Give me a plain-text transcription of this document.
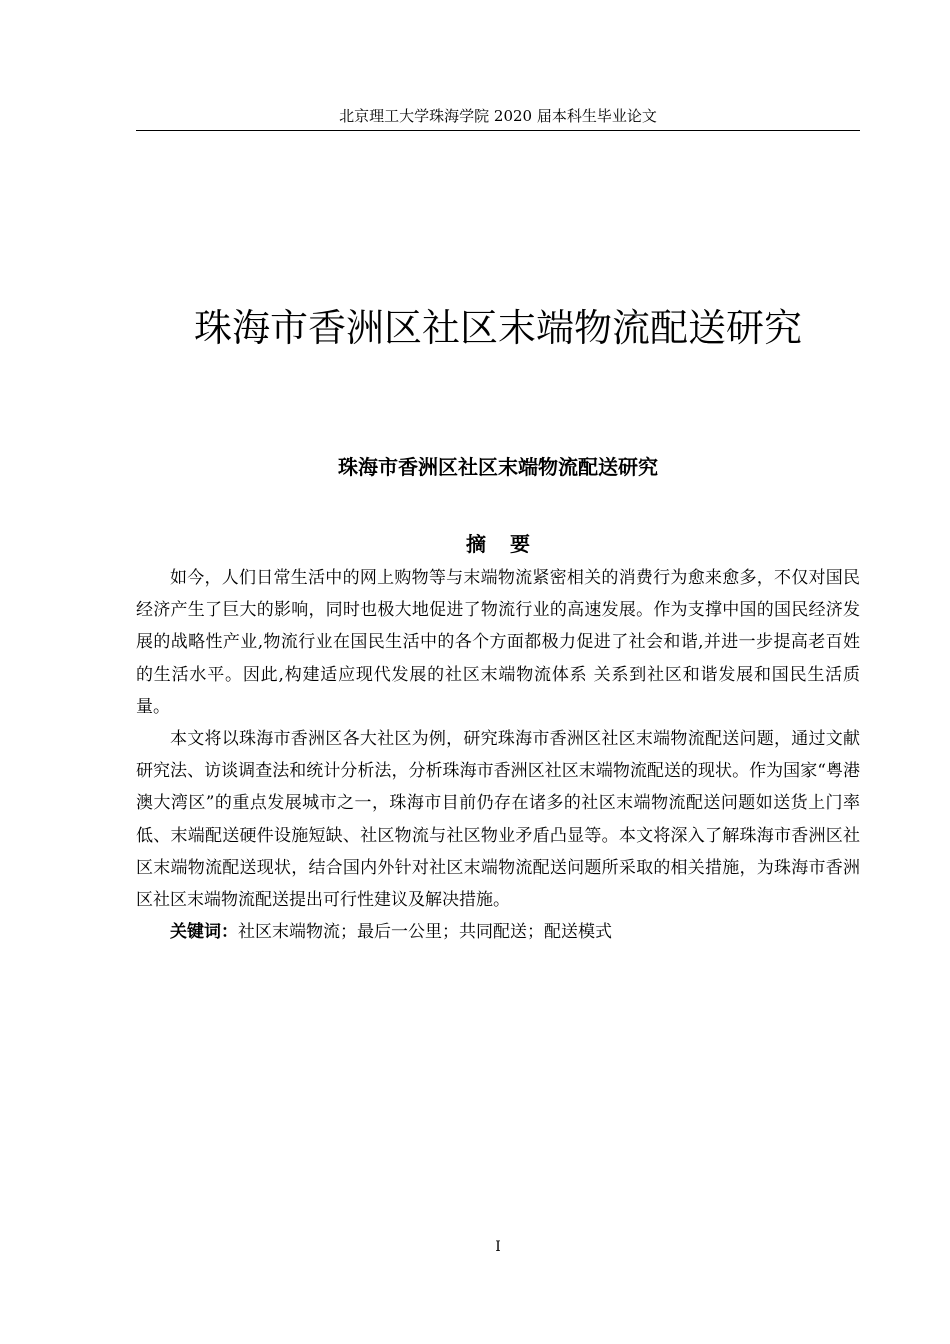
北京理工大学珠海学院 2020 届本科生毕业论文
珠海市香洲区社区末端物流配送研究
珠海市香洲区社区末端物流配送研究
摘要

如今，人们日常生活中的网上购物等与末端物流紧密相关的消费行为愈来愈多，不仅对国民经济产生了巨大的影响，同时也极大地促进了物流行业的高速发展。作为支撑中国的国民经济发展的战略性产业,物流行业在国民生活中的各个方面都极力促进了社会和谐,并进一步提高老百姓的生活水平。因此,构建适应现代发展的社区末端物流体系 关系到社区和谐发展和国民生活质量。

本文将以珠海市香洲区各大社区为例，研究珠海市香洲区社区末端物流配送问题，通过文献研究法、访谈调查法和统计分析法，分析珠海市香洲区社区末端物流配送的现状。作为国家“粤港澳大湾区”的重点发展城市之一，珠海市目前仍存在诸多的社区末端物流配送问题如送货上门率低、末端配送硬件设施短缺、社区物流与社区物业矛盾凸显等。本文将深入了解珠海市香洲区社区末端物流配送现状，结合国内外针对社区末端物流配送问题所采取的相关措施，为珠海市香洲区社区末端物流配送提出可行性建议及解决措施。

关键词：社区末端物流；最后一公里；共同配送；配送模式

I
